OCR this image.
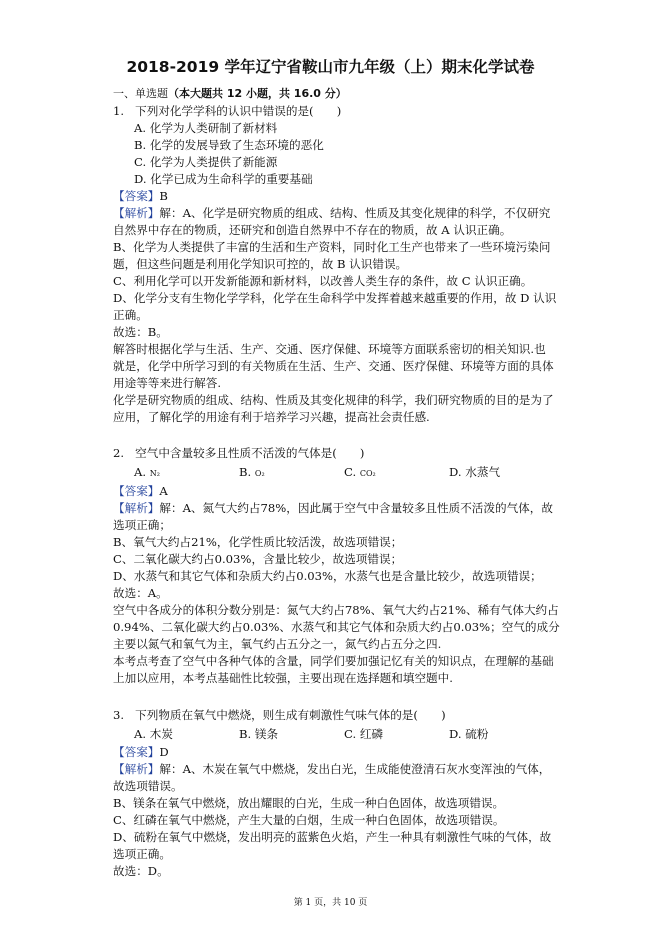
2018-2019 学年辽宁省鞍山市九年级（上）期末化学试卷
一、单选题（本大题共 12 小题，共 16.0 分）
1. 下列对化学学科的认识中错误的是(　　)
A. 化学为人类研制了新材料
B. 化学的发展导致了生态环境的恶化
C. 化学为人类提供了新能源
D. 化学已成为生命科学的重要基础
【答案】B
【解析】解：A、化学是研究物质的组成、结构、性质及其变化规律的科学，不仅研究
自然界中存在的物质，还研究和创造自然界中不存在的物质，故 A 认识正确。
B、化学为人类提供了丰富的生活和生产资料，同时化工生产也带来了一些环境污染问
题，但这些问题是利用化学知识可控的，故 B 认识错误。
C、利用化学可以开发新能源和新材料，以改善人类生存的条件，故 C 认识正确。
D、化学分支有生物化学学科，化学在生命科学中发挥着越来越重要的作用，故 D 认识
正确。
故选：B。
解答时根据化学与生活、生产、交通、医疗保健、环境等方面联系密切的相关知识.也
就是，化学中所学习到的有关物质在生活、生产、交通、医疗保健、环境等方面的具体
用途等等来进行解答.
化学是研究物质的组成、结构、性质及其变化规律的科学，我们研究物质的目的是为了
应用，了解化学的用途有利于培养学习兴趣，提高社会责任感.
2. 空气中含量较多且性质不活泼的气体是(　　)
A. N₂	B. O₂	C. CO₂	D. 水蒸气
【答案】A
【解析】解：A、氮气大约占78%，因此属于空气中含量较多且性质不活泼的气体，故
选项正确；
B、氧气大约占21%，化学性质比较活泼，故选项错误；
C、二氧化碳大约占0.03%，含量比较少，故选项错误；
D、水蒸气和其它气体和杂质大约占0.03%，水蒸气也是含量比较少，故选项错误；
故选：A。
空气中各成分的体积分数分别是：氮气大约占78%、氧气大约占21%、稀有气体大约占
0.94%、二氧化碳大约占0.03%、水蒸气和其它气体和杂质大约占0.03%；空气的成分
主要以氮气和氧气为主，氧气约占五分之一，氮气约占五分之四.
本考点考查了空气中各种气体的含量，同学们要加强记忆有关的知识点，在理解的基础
上加以应用，本考点基础性比较强，主要出现在选择题和填空题中.
3. 下列物质在氧气中燃烧，则生成有刺激性气味气体的是(　　)
A. 木炭	B. 镁条	C. 红磷	D. 硫粉
【答案】D
【解析】解：A、木炭在氧气中燃烧，发出白光，生成能使澄清石灰水变浑浊的气体，
故选项错误。
B、镁条在氧气中燃烧，放出耀眼的白光，生成一种白色固体，故选项错误。
C、红磷在氧气中燃烧，产生大量的白烟，生成一种白色固体，故选项错误。
D、硫粉在氧气中燃烧，发出明亮的蓝紫色火焰，产生一种具有刺激性气味的气体，故
选项正确。
故选：D。
第 1 页，共 10 页
